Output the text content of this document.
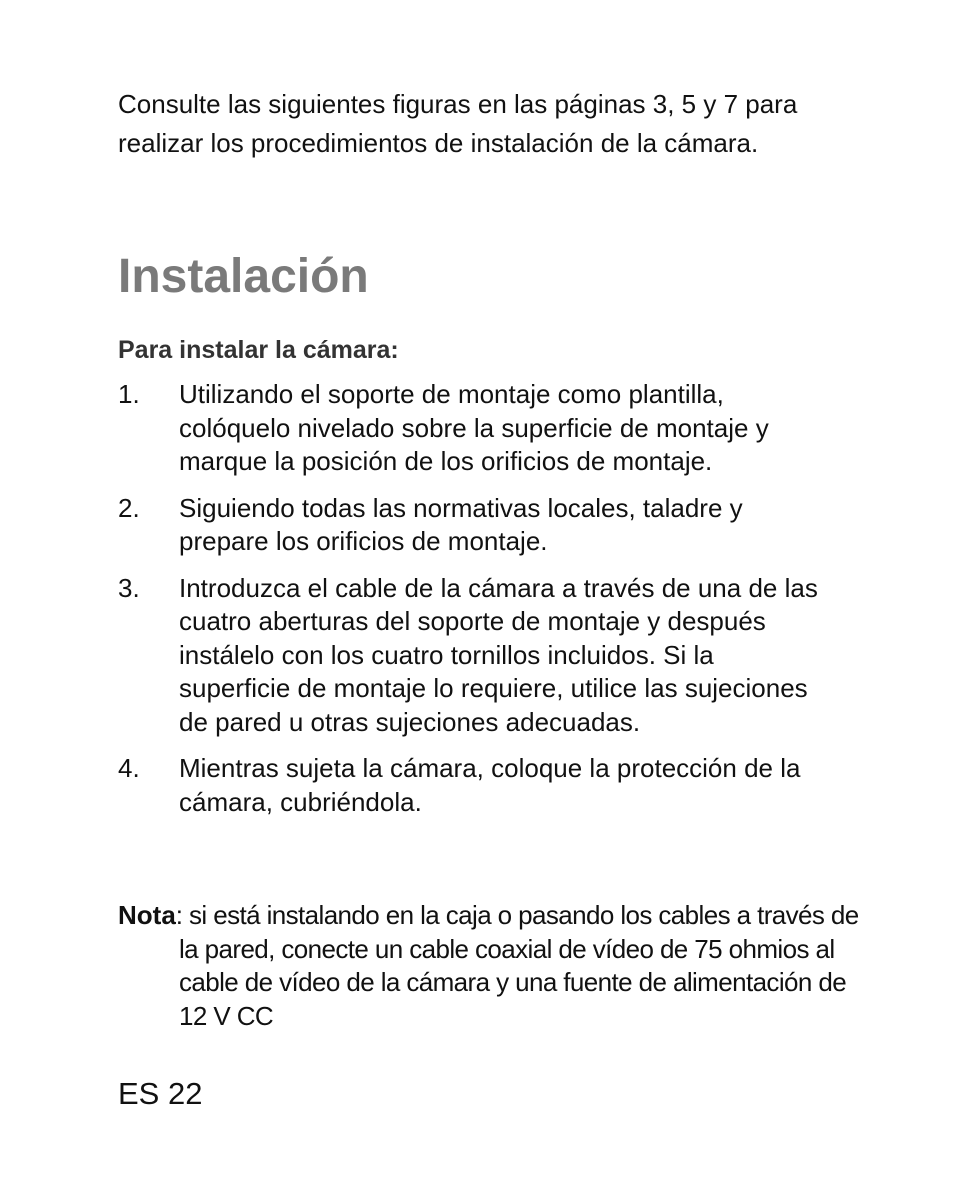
Consulte las siguientes figuras en las páginas 3, 5 y 7 para realizar los procedimientos de instalación de la cámara.

Instalación
Para instalar la cámara:
1. Utilizando el soporte de montaje como plantilla, colóquelo nivelado sobre la superficie de montaje y marque la posición de los orificios de montaje.
2. Siguiendo todas las normativas locales, taladre y prepare los orificios de montaje.
3. Introduzca el cable de la cámara a través de una de las cuatro aberturas del soporte de montaje y después instálelo con los cuatro tornillos incluidos. Si la superficie de montaje lo requiere, utilice las sujeciones de pared u otras sujeciones adecuadas.
4. Mientras sujeta la cámara, coloque la protección de la cámara, cubriéndola.

Nota: si está instalando en la caja o pasando los cables a través de la pared, conecte un cable coaxial de vídeo de 75 ohmios al cable de vídeo de la cámara y una fuente de alimentación de 12 V CC

ES 22
